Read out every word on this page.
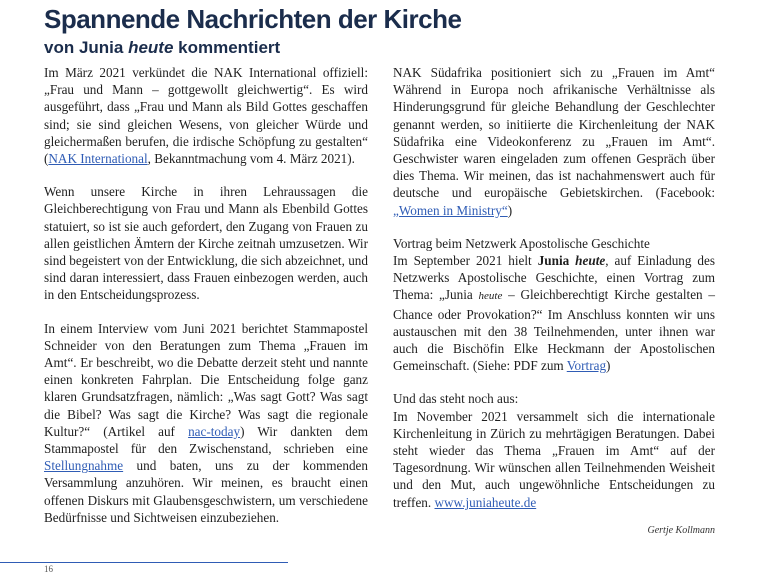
Spannende Nachrichten der Kirche
von Junia heute kommentiert

Im März 2021 verkündet die NAK International offiziell: „Frau und Mann – gottgewollt gleichwertig“. Es wird ausgeführt, dass „Frau und Mann als Bild Gottes geschaffen sind; sie sind gleichen Wesens, von gleicher Würde und gleichermaßen berufen, die irdische Schöpfung zu gestalten“ (NAK International, Bekanntmachung vom 4. März 2021).

Wenn unsere Kirche in ihren Lehraussagen die Gleichberechtigung von Frau und Mann als Ebenbild Gottes statuiert, so ist sie auch gefordert, den Zugang von Frauen zu allen geistlichen Ämtern der Kirche zeitnah umzusetzen. Wir sind begeistert von der Entwicklung, die sich abzeichnet, und sind daran interessiert, dass Frauen einbezogen werden, auch in den Entscheidungsprozess.

In einem Interview vom Juni 2021 berichtet Stammapostel Schneider von den Beratungen zum Thema „Frauen im Amt“. Er beschreibt, wo die Debatte derzeit steht und nannte einen konkreten Fahrplan. Die Entscheidung folge ganz klaren Grundsatzfragen, nämlich: „Was sagt Gott? Was sagt die Bibel? Was sagt die Kirche? Was sagt die regionale Kultur?“ (Artikel auf nac-today) Wir dankten dem Stammapostel für den Zwischenstand, schrieben eine Stellungnahme und baten, uns zu der kommenden Versammlung anzuhören. Wir meinen, es braucht einen offenen Diskurs mit Glaubensgeschwistern, um verschiedene Bedürfnisse und Sichtweisen einzubeziehen.

NAK Südafrika positioniert sich zu „Frauen im Amt“ Während in Europa noch afrikanische Verhältnisse als Hinderungsgrund für gleiche Behandlung der Geschlechter genannt werden, so initiierte die Kirchenleitung der NAK Südafrika eine Videokonferenz zu „Frauen im Amt“. Geschwister waren eingeladen zum offenen Gespräch über dies Thema. Wir meinen, das ist nachahmenswert auch für deutsche und europäische Gebietskirchen. (Facebook: „Women in Ministry“)

Vortrag beim Netzwerk Apostolische Geschichte
Im September 2021 hielt Junia heute, auf Einladung des Netzwerks Apostolische Geschichte, einen Vortrag zum Thema: „Junia heute – Gleichberechtigt Kirche gestalten – Chance oder Provokation?“ Im Anschluss konnten wir uns austauschen mit den 38 Teilnehmenden, unter ihnen war auch die Bischöfin Elke Heckmann der Apostolischen Gemeinschaft. (Siehe: PDF zum Vortrag)

Und das steht noch aus:
Im November 2021 versammelt sich die internationale Kirchenleitung in Zürich zu mehrtägigen Beratungen. Dabei steht wieder das Thema „Frauen im Amt“ auf der Tagesordnung. Wir wünschen allen Teilnehmenden Weisheit und den Mut, auch ungewöhnliche Entscheidungen zu treffen. www.juniaheute.de

Gertje Kollmann
16
